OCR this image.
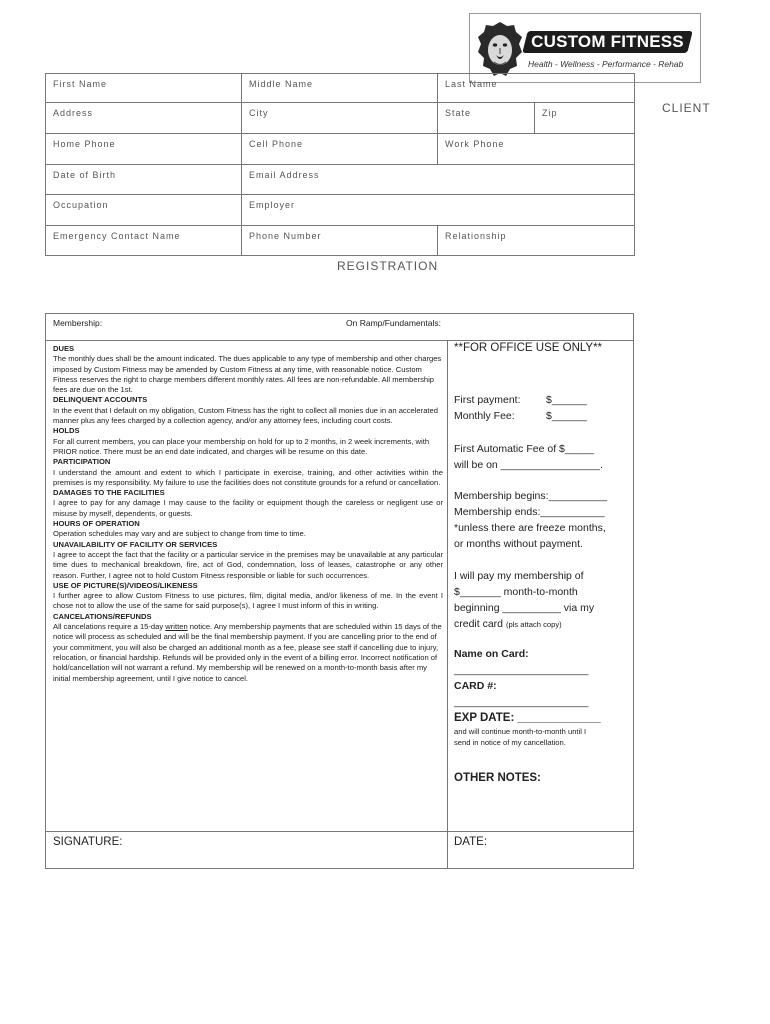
CUSTOM FITNESS
Health - Wellness - Performance - Rehab
CLIENT
First Name	Middle Name	Last Name	
Address	City	State	Zip
Home Phone	Cell Phone	Work Phone	
Date of Birth	Email Address		
Occupation	Employer		
Emergency Contact Name	Phone Number	Relationship	
REGISTRATION
Membership:	On Ramp/Fundamentals:

DUES
The monthly dues shall be the amount indicated. The dues applicable to any type of membership and other charges imposed by Custom Fitness may be amended by Custom Fitness at any time, with reasonable notice. Custom Fitness reserves the right to charge members different monthly rates. All fees are non-refundable. All membership fees are due on the 1st.

DELINQUENT ACCOUNTS
In the event that I default on my obligation, Custom Fitness has the right to collect all monies due in an accelerated manner plus any fees charged by a collection agency, and/or any attorney fees, including court costs.

HOLDS
For all current members, you can place your membership on hold for up to 2 months, in 2 week increments, with PRIOR notice. There must be an end date indicated, and charges will be resume on this date.

PARTICIPATION
I understand the amount and extent to which I participate in exercise, training, and other activities within the premises is my responsibility. My failure to use the facilities does not constitute grounds for a refund or cancellation.

DAMAGES TO THE FACILITIES
I agree to pay for any damage I may cause to the facility or equipment though the careless or negligent use or misuse by myself, dependents, or guests.

HOURS OF OPERATION
Operation schedules may vary and are subject to change from time to time.

UNAVAILABILITY OF FACILITY OR SERVICES
I agree to accept the fact that the facility or a particular service in the premises may be unavailable at any particular time dues to mechanical breakdown, fire, act of God, condemnation, loss of leases, catastrophe or any other reason. Further, I agree not to hold Custom Fitness responsible or liable for such occurrences.

USE OF PICTURE(S)/VIDEOS/LIKENESS
I further agree to allow Custom Fitness to use pictures, film, digital media, and/or likeness of me. In the event I chose not to allow the use of the same for said purpose(s), I agree I must inform of this in writing.

CANCELATIONS/REFUNDS
All cancelations require a 15-day written notice. Any membership payments that are scheduled within 15 days of the notice will process as scheduled and will be the final membership payment. If you are cancelling prior to the end of your commitment, you will also be charged an additional month as a fee, please see staff if cancelling due to injury, relocation, or financial hardship. Refunds will be provided only in the event of a billing error. Incorrect notification of hold/cancellation will not warrant a refund. My membership will be renewed on a month-to-month basis after my initial membership agreement, until I give notice to cancel.

**FOR OFFICE USE ONLY**
First payment: $______
Monthly Fee:	$______
First Automatic Fee of $_____
will be on _________________.
Membership begins:__________
Membership ends:___________
*unless there are freeze months,
or months without payment.
I will pay my membership of
$_______ month-to-month
beginning __________ via my
credit card (pls attach copy)
Name on Card:
_______________________
CARD #:
_______________________
EXP DATE: _____________
and will continue month-to-month until I
send in notice of my cancellation.
OTHER NOTES:
SIGNATURE:	DATE:
